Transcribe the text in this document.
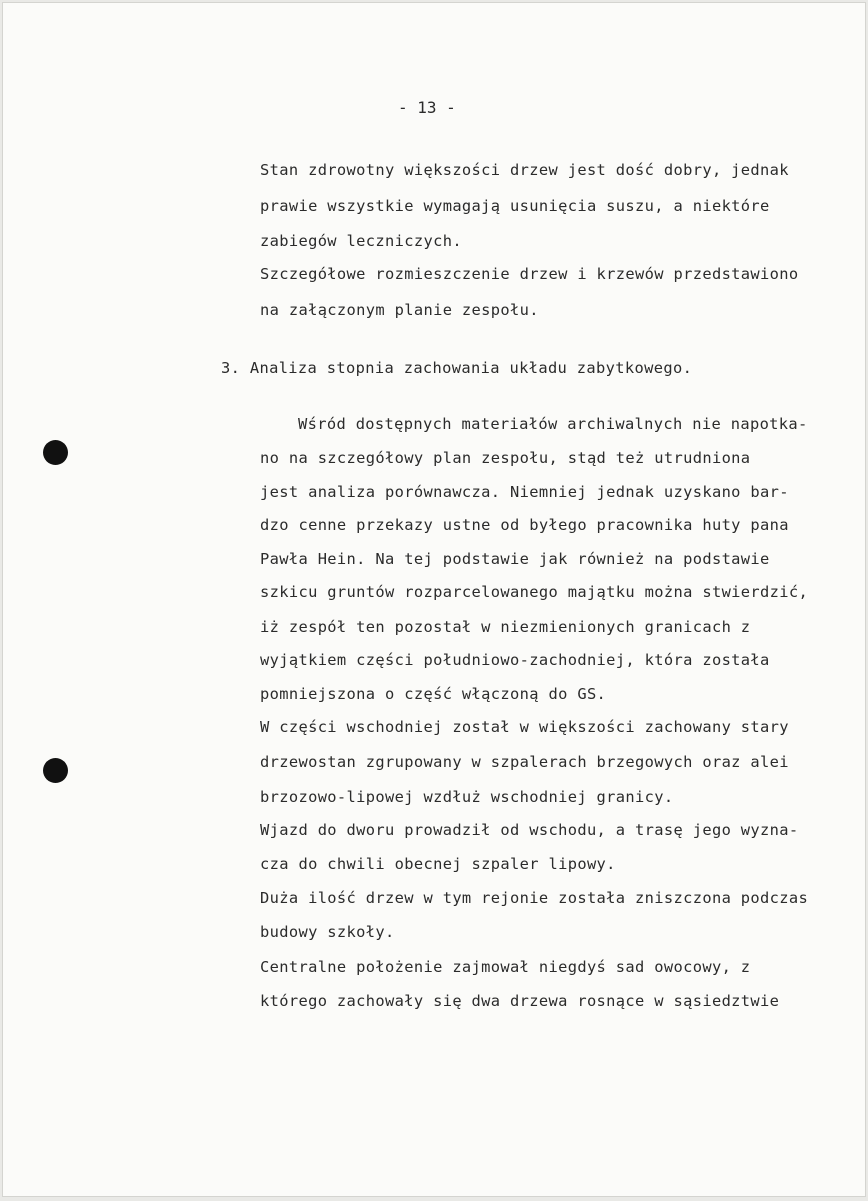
- 13 -
Stan zdrowotny większości drzew jest dość dobry, jednak
prawie wszystkie wymagają usunięcia suszu, a niektóre
zabiegów leczniczych.
Szczegółowe rozmieszczenie drzew i krzewów przedstawiono
na załączonym planie zespołu.
3. Analiza stopnia zachowania układu zabytkowego.
Wśród dostępnych materiałów archiwalnych nie napotka-
no na szczegółowy plan zespołu, stąd też utrudniona
jest analiza porównawcza. Niemniej jednak uzyskano bar-
dzo cenne przekazy ustne od byłego pracownika huty pana
Pawła Hein. Na tej podstawie jak również na podstawie
szkicu gruntów rozparcelowanego majątku można stwierdzić,
iż zespół ten pozostał w niezmienionych granicach z
wyjątkiem części południowo-zachodniej, która została
pomniejszona o część włączoną do GS.
W części wschodniej został w większości zachowany stary
drzewostan zgrupowany w szpalerach brzegowych oraz alei
brzozowo-lipowej wzdłuż wschodniej granicy.
Wjazd do dworu prowadził od wschodu, a trasę jego wyzna-
cza do chwili obecnej szpaler lipowy.
Duża ilość drzew w tym rejonie została zniszczona podczas
budowy szkoły.
Centralne położenie zajmował niegdyś sad owocowy, z
którego zachowały się dwa drzewa rosnące w sąsiedztwie
